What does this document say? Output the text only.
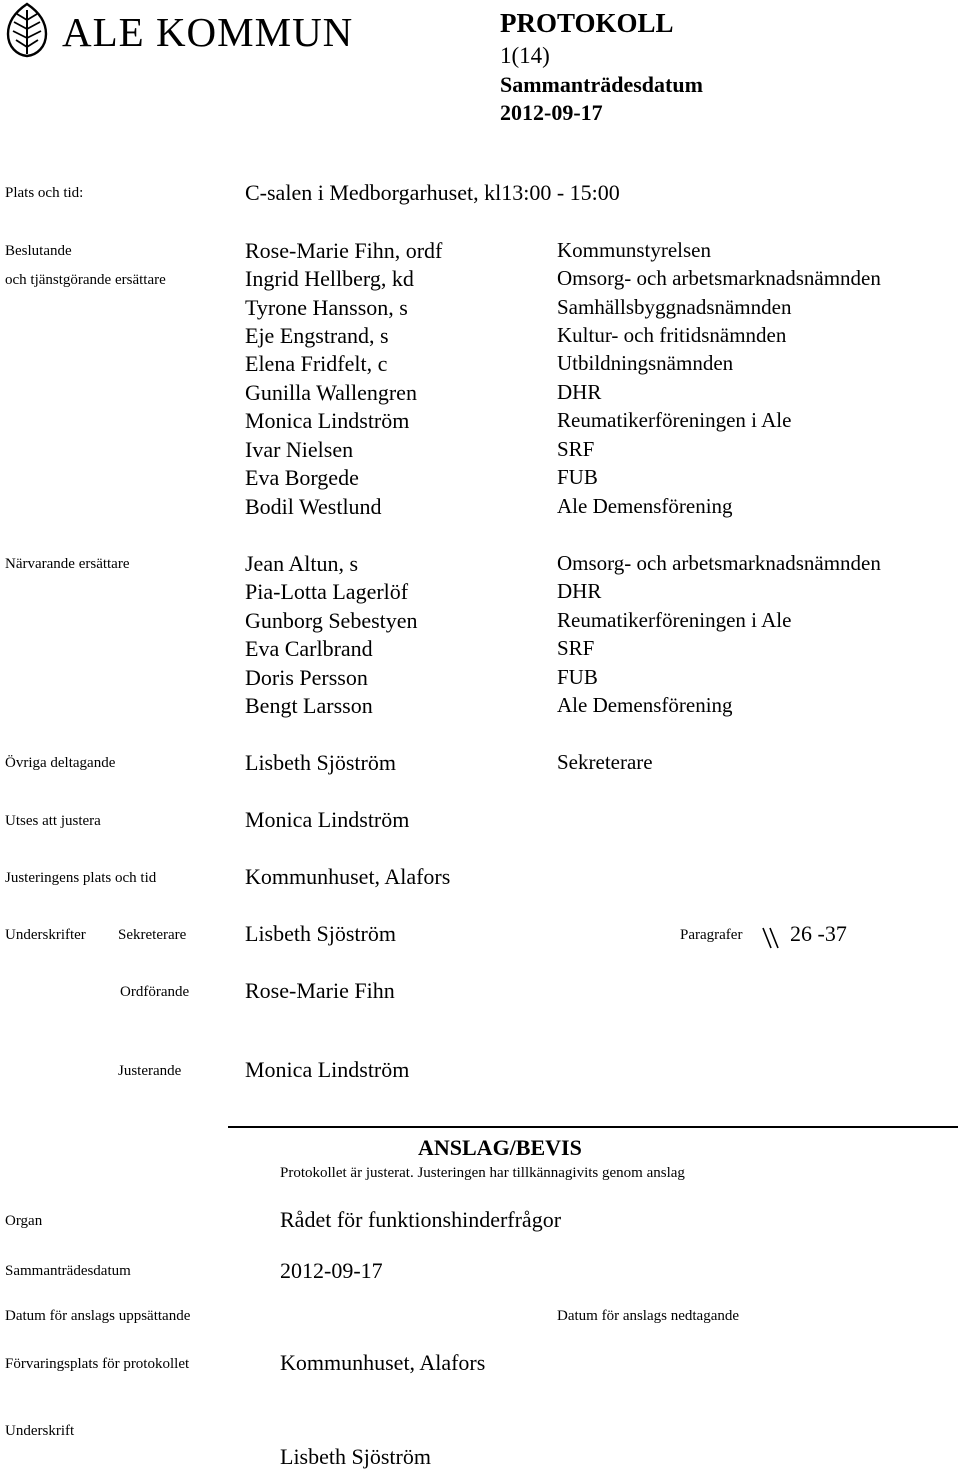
ALE KOMMUN	PROTOKOLL
1(14)
Sammanträdesdatum
2012-09-17
Plats och tid:	C-salen i Medborgarhuset, kl13:00 - 15:00
Beslutande
och tjänstgörande ersättare
Rose-Marie Fihn, ordf	Kommunstyrelsen
Ingrid Hellberg, kd	Omsorg- och arbetsmarknadsnämnden
Tyrone Hansson, s	Samhällsbyggnadsnämnden
Eje Engstrand, s	Kultur- och fritidsnämnden
Elena Fridfelt, c	Utbildningsnämnden
Gunilla Wallengren	DHR
Monica Lindström	Reumatikerföreningen i Ale
Ivar Nielsen	SRF
Eva Borgede	FUB
Bodil Westlund	Ale Demensförening
Närvarande ersättare	Jean Altun, s	Omsorg- och arbetsmarknadsnämnden
Pia-Lotta Lagerlöf	DHR
Gunborg Sebestyen	Reumatikerföreningen i Ale
Eva Carlbrand	SRF
Doris Persson	FUB
Bengt Larsson	Ale Demensförening
Övriga deltagande	Lisbeth Sjöström	Sekreterare
Utses att justera	Monica Lindström
Justeringens plats och tid	Kommunhuset, Alafors
Underskrifter Sekreterare	Lisbeth Sjöström	Paragrafer 26 -37
Ordförande	Rose-Marie Fihn
Justerande	Monica Lindström
ANSLAG/BEVIS
Protokollet är justerat. Justeringen har tillkännagivits genom anslag
Organ	Rådet för funktionshinderfrågor
Sammanträdesdatum	2012-09-17
Datum för anslags uppsättande	Datum för anslags nedtagande
Förvaringsplats för protokollet	Kommunhuset, Alafors
Underskrift
Lisbeth Sjöström
